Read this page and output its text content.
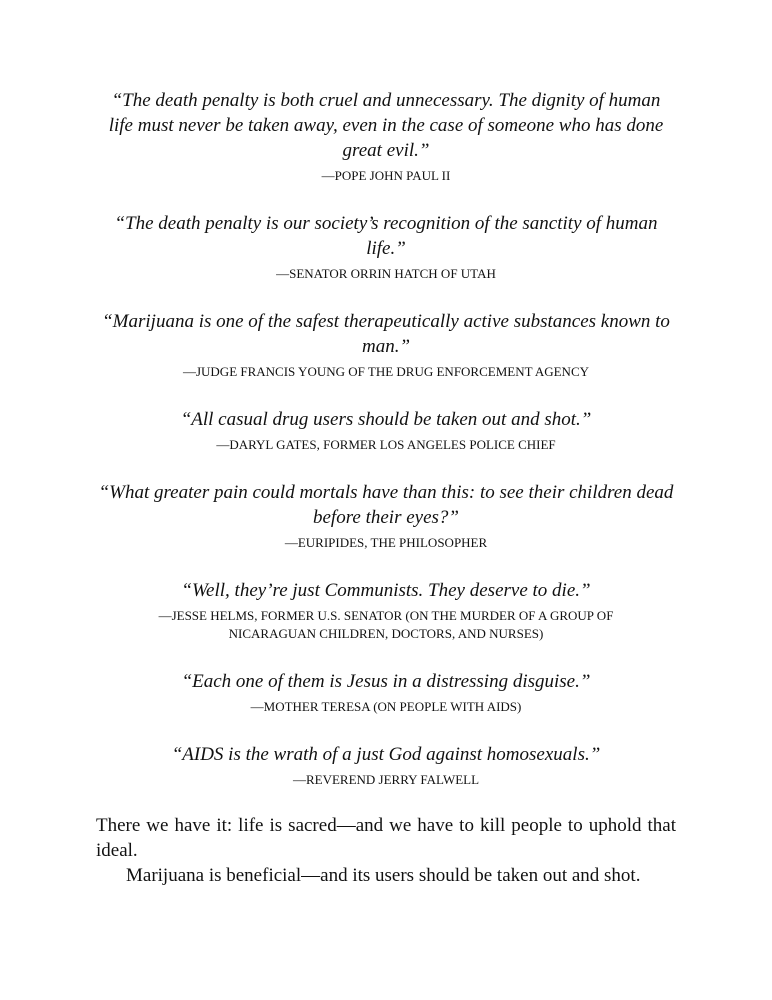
“The death penalty is both cruel and unnecessary. The dignity of human life must never be taken away, even in the case of someone who has done great evil.”

—POPE JOHN PAUL II

“The death penalty is our society’s recognition of the sanctity of human life.”

—SENATOR ORRIN HATCH OF UTAH

“Marijuana is one of the safest therapeutically active substances known to man.”

—JUDGE FRANCIS YOUNG OF THE DRUG ENFORCEMENT AGENCY

“All casual drug users should be taken out and shot.”

—DARYL GATES, FORMER LOS ANGELES POLICE CHIEF

“What greater pain could mortals have than this: to see their children dead before their eyes?”

—EURIPIDES, THE PHILOSOPHER

“Well, they’re just Communists. They deserve to die.”

—JESSE HELMS, FORMER U.S. SENATOR (ON THE MURDER OF A GROUP OF NICARAGUAN CHILDREN, DOCTORS, AND NURSES)

“Each one of them is Jesus in a distressing disguise.”

—MOTHER TERESA (ON PEOPLE WITH AIDS)

“AIDS is the wrath of a just God against homosexuals.”

—REVEREND JERRY FALWELL

There we have it: life is sacred—and we have to kill people to uphold that ideal.

Marijuana is beneficial—and its users should be taken out and shot.
